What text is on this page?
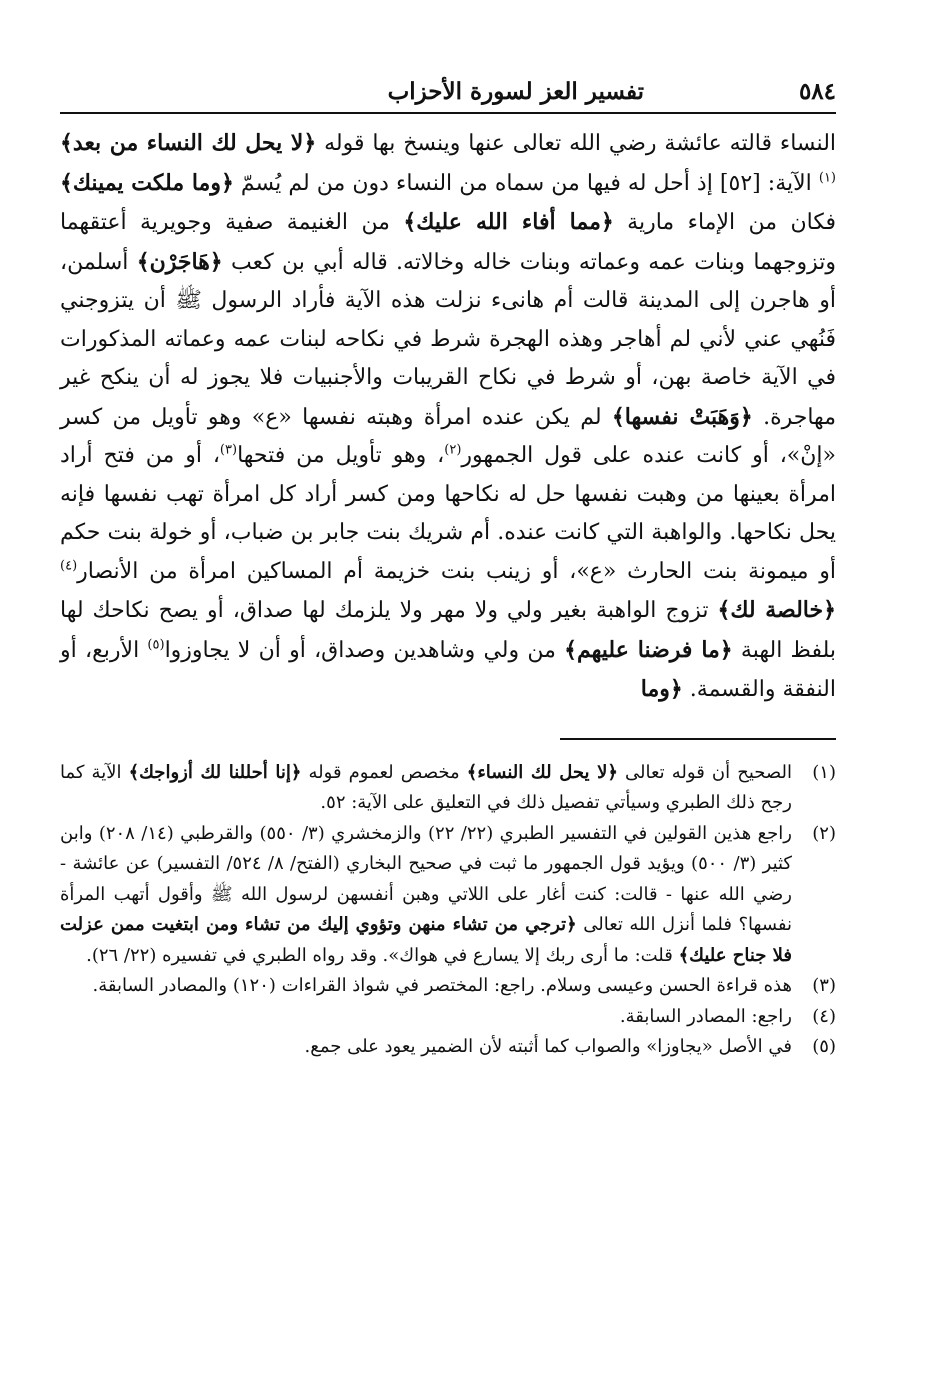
٥٨٤
تفسير العز لسورة الأحزاب

النساء قالته عائشة رضي الله تعالى عنها وينسخ بها قوله ﴿لا يحل لك النساء من بعد﴾$^{(١)}$ الآية: [٥٢] إذ أحل له فيها من سماه من النساء دون من لم يُسمّ ﴿وما ملكت يمينك﴾ فكان من الإماء مارية ﴿مما أفاء الله عليك﴾ من الغنيمة صفية وجويرية أعتقهما وتزوجهما وبنات عمه وعماته وبنات خاله وخالاته. قاله أبي بن كعب ﴿هَاجَرْن﴾ أسلمن، أو هاجرن إلى المدينة قالت أم هانىء نزلت هذه الآية فأراد الرسول ﷺ أن يتزوجني فَنُهي عني لأني لم أهاجر وهذه الهجرة شرط في نكاحه لبنات عمه وعماته المذكورات في الآية خاصة بهن، أو شرط في نكاح القريبات والأجنبيات فلا يجوز له أن ينكح غير مهاجرة. ﴿وَهَبَتْ نفسها﴾ لم يكن عنده امرأة وهبته نفسها «ع» وهو تأويل من كسر «إنْ»، أو كانت عنده على قول الجمهور$^{(٢)}$، وهو تأويل من فتحها$^{(٣)}$، أو من فتح أراد امرأة بعينها من وهبت نفسها حل له نكاحها ومن كسر أراد كل امرأة تهب نفسها فإنه يحل نكاحها. والواهبة التي كانت عنده. أم شريك بنت جابر بن ضباب، أو خولة بنت حكم أو ميمونة بنت الحارث «ع»، أو زينب بنت خزيمة أم المساكين امرأة من الأنصار$^{(٤)}$ ﴿خالصة لك﴾ تزوج الواهبة بغير ولي ولا مهر ولا يلزمك لها صداق، أو يصح نكاحك لها بلفظ الهبة ﴿ما فرضنا عليهم﴾ من ولي وشاهدين وصداق، أو أن لا يجاوزوا$^{(٥)}$ الأربع، أو النفقة والقسمة. ﴿وما

(١)
الصحيح أن قوله تعالى ﴿لا يحل لك النساء﴾ مخصص لعموم قوله ﴿إنا أحللنا لك أزواجك﴾ الآية كما رجح ذلك الطبري وسيأتي تفصيل ذلك في التعليق على الآية: ٥٢.
(٢)
راجع هذين القولين في التفسير الطبري (٢٢/ ٢٢) والزمخشري (٣/ ٥٥٠) والقرطبي (١٤/ ٢٠٨) وابن كثير (٣/ ٥٠٠) ويؤيد قول الجمهور ما ثبت في صحيح البخاري (الفتح/ ٨/ ٥٢٤/ التفسير) عن عائشة - رضي الله عنها - قالت: كنت أغار على اللاتي وهبن أنفسهن لرسول الله ﷺ وأقول أتهب المرأة نفسها؟ فلما أنزل الله تعالى ﴿ترجي من تشاء منهن وتؤوي إليك من تشاء ومن ابتغيت ممن عزلت فلا جناح عليك﴾ قلت: ما أرى ربك إلا يسارع في هواك». وقد رواه الطبري في تفسيره (٢٢/ ٢٦).
(٣)
هذه قراءة الحسن وعيسى وسلام. راجع: المختصر في شواذ القراءات (١٢٠) والمصادر السابقة.
(٤)
راجع: المصادر السابقة.
(٥)
في الأصل «يجاوزا» والصواب كما أثبته لأن الضمير يعود على جمع.
